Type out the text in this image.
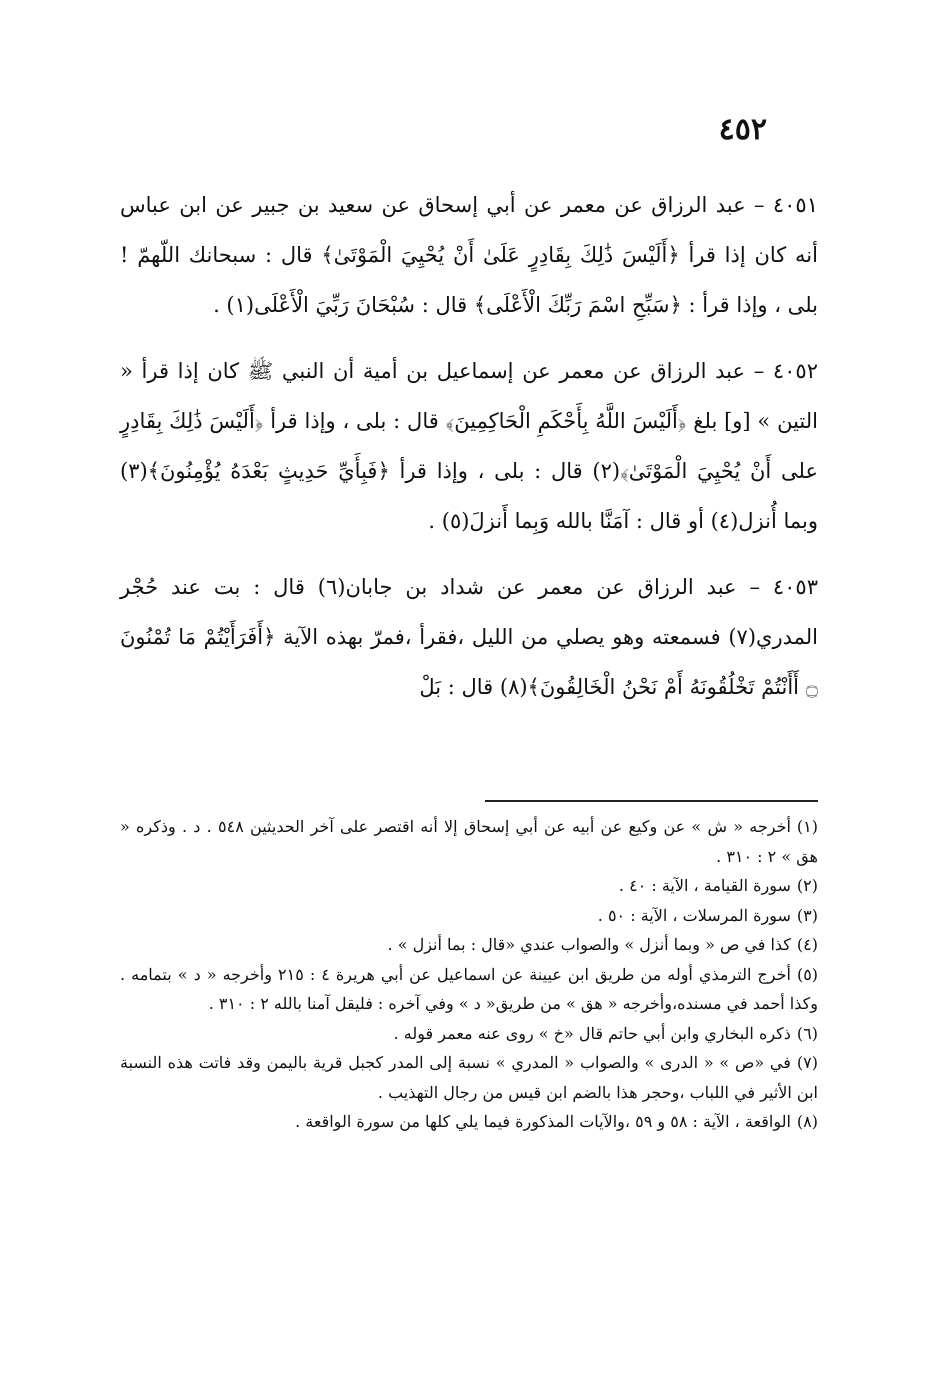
٤٥٢

٤٠٥١ – عبد الرزاق عن معمر عن أبي إسحاق عن سعيد بن جبير عن ابن عباس أنه كان إذا قرأ ﴿أَلَيْسَ ذَٰلِكَ بِقَادِرٍ عَلَىٰ أَنْ يُحْيِيَ الْمَوْتَىٰ﴾ قال : سبحانك اللّهمّ ! بلى ، وإذا قرأ : ﴿سَبِّحِ اسْمَ رَبِّكَ الْأَعْلَى﴾ قال : سُبْحَانَ رَبِّيَ الْأَعْلَى(١) .

٤٠٥٢ – عبد الرزاق عن معمر عن إسماعيل بن أمية أن النبي ﷺ كان إذا قرأ « التين » [و] بلغ ﴿أَلَيْسَ اللَّهُ بِأَحْكَمِ الْحَاكِمِينَ﴾ قال : بلى ، وإذا قرأ ﴿أَلَيْسَ ذَٰلِكَ بِقَادِرٍ على أَنْ يُحْيِيَ الْمَوْتَىٰ﴾(٢) قال : بلى ، وإذا قرأ ﴿فَبِأَيِّ حَدِيثٍ بَعْدَهُ يُؤْمِنُونَ﴾(٣) وبما أُنزل(٤) أو قال : آمَنَّا بالله وَبِما أَنزلَ(٥) .

٤٠٥٣ – عبد الرزاق عن معمر عن شداد بن جابان(٦) قال : بت عند حُجْر المدري(٧) فسمعته وهو يصلي من الليل ،فقرأ ،فمرّ بهذه الآية ﴿أَفَرَأَيْتُمْ مَا تُمْنُونَ ۝ أَأَنْتُمْ تَخْلُقُونَهُ أَمْ نَحْنُ الْخَالِقُونَ﴾(٨) قال : بَلْ

(١)أخرجه « ش » عن وكيع عن أبيه عن أبي إسحاق إلا أنه اقتصر على آخر الحديثين ٥٤٨ . د . وذكره « هق » ٢ : ٣١٠ .

(٢)سورة القيامة ، الآية : ٤٠ .

(٣)سورة المرسلات ، الآية : ٥٠ .

(٤)كذا في ص « وبما أنزل » والصواب عندي «قال : بما أنزل » .

(٥)أخرج الترمذي أوله من طريق ابن عيينة عن اسماعيل عن أبي هريرة ٤ : ٢١٥ وأخرجه « د » بتمامه . وكذا أحمد في مسنده،وأخرجه « هق » من طريق« د » وفي آخره : فليقل آمنا بالله ٢ : ٣١٠ .

(٦)ذكره البخاري وابن أبي حاتم قال «خ » روى عنه معمر قوله .

(٧)في «ص » « الدرى » والصواب « المدري » نسبة إلى المدر كجبل قرية باليمن وقد فاتت هذه النسبة ابن الأثير في اللباب ،وحجر هذا بالضم ابن قيس من رجال التهذيب .

(٨)الواقعة ، الآية : ٥٨ و ٥٩ ،والآيات المذكورة فيما يلي كلها من سورة الواقعة .
